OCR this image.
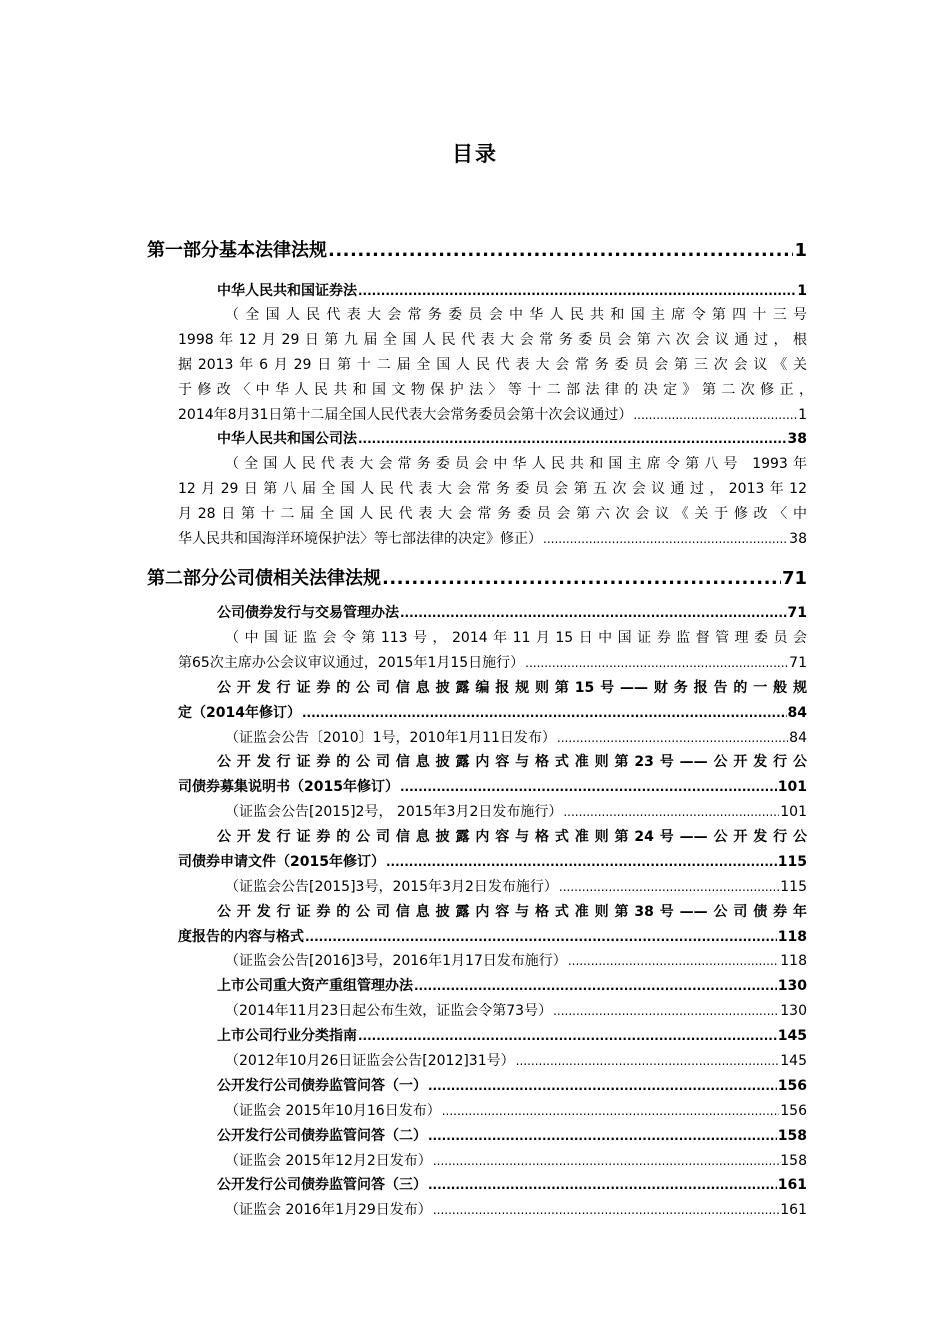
目录
第一部分基本法律法规 .....	1
中华人民共和国证券法 .....	1
（全国人民代表大会常务委员会中华人民共和国主席令第四十三号
1998年12月29日第九届全国人民代表大会常务委员会第六次会议通过，根
据2013年6月29日第十二届全国人民代表大会常务委员会第三次会议《关
于修改〈中华人民共和国文物保护法〉等十二部法律的决定》第二次修正，
2014年8月31日第十二届全国人民代表大会常务委员会第十次会议通过） .....	1
中华人民共和国公司法 .....	38
（全国人民代表大会常务委员会中华人民共和国主席令第八号 1993年
12月29日第八届全国人民代表大会常务委员会第五次会议通过，2013年12
月28日第十二届全国人民代表大会常务委员会第六次会议《关于修改〈中
华人民共和国海洋环境保护法〉等七部法律的决定》修正） .....	38
第二部分公司债相关法律法规 .....	71
公司债券发行与交易管理办法 .....	71
（中国证监会令第113号，2014年11月15日中国证券监督管理委员会
第65次主席办公会议审议通过，2015年1月15日施行） .....	71
公开发行证券的公司信息披露编报规则第15号——财务报告的一般规
定（2014年修订） .....	84
（证监会公告〔2010〕1号，2010年1月11日发布） .....	84
公开发行证券的公司信息披露内容与格式准则第23号——公开发行公
司债券募集说明书（2015年修订） .....	101
（证监会公告[2015]2号， 2015年3月2日发布施行） .....	101
公开发行证券的公司信息披露内容与格式准则第24号——公开发行公
司债券申请文件（2015年修订） .....	115
（证监会公告[2015]3号，2015年3月2日发布施行） .....	115
公开发行证券的公司信息披露内容与格式准则第38号——公司债券年
度报告的内容与格式 .....	118
（证监会公告[2016]3号，2016年1月17日发布施行） .....	118
上市公司重大资产重组管理办法 .....	130
（2014年11月23日起公布生效，证监会令第73号） .....	130
上市公司行业分类指南 .....	145
（2012年10月26日证监会公告[2012]31号） .....	145
公开发行公司债券监管问答（一） .....	156
（证监会 2015年10月16日发布） .....	156
公开发行公司债券监管问答（二） .....	158
（证监会 2015年12月2日发布） .....	158
公开发行公司债券监管问答（三） .....	161
（证监会 2016年1月29日发布） .....	161
